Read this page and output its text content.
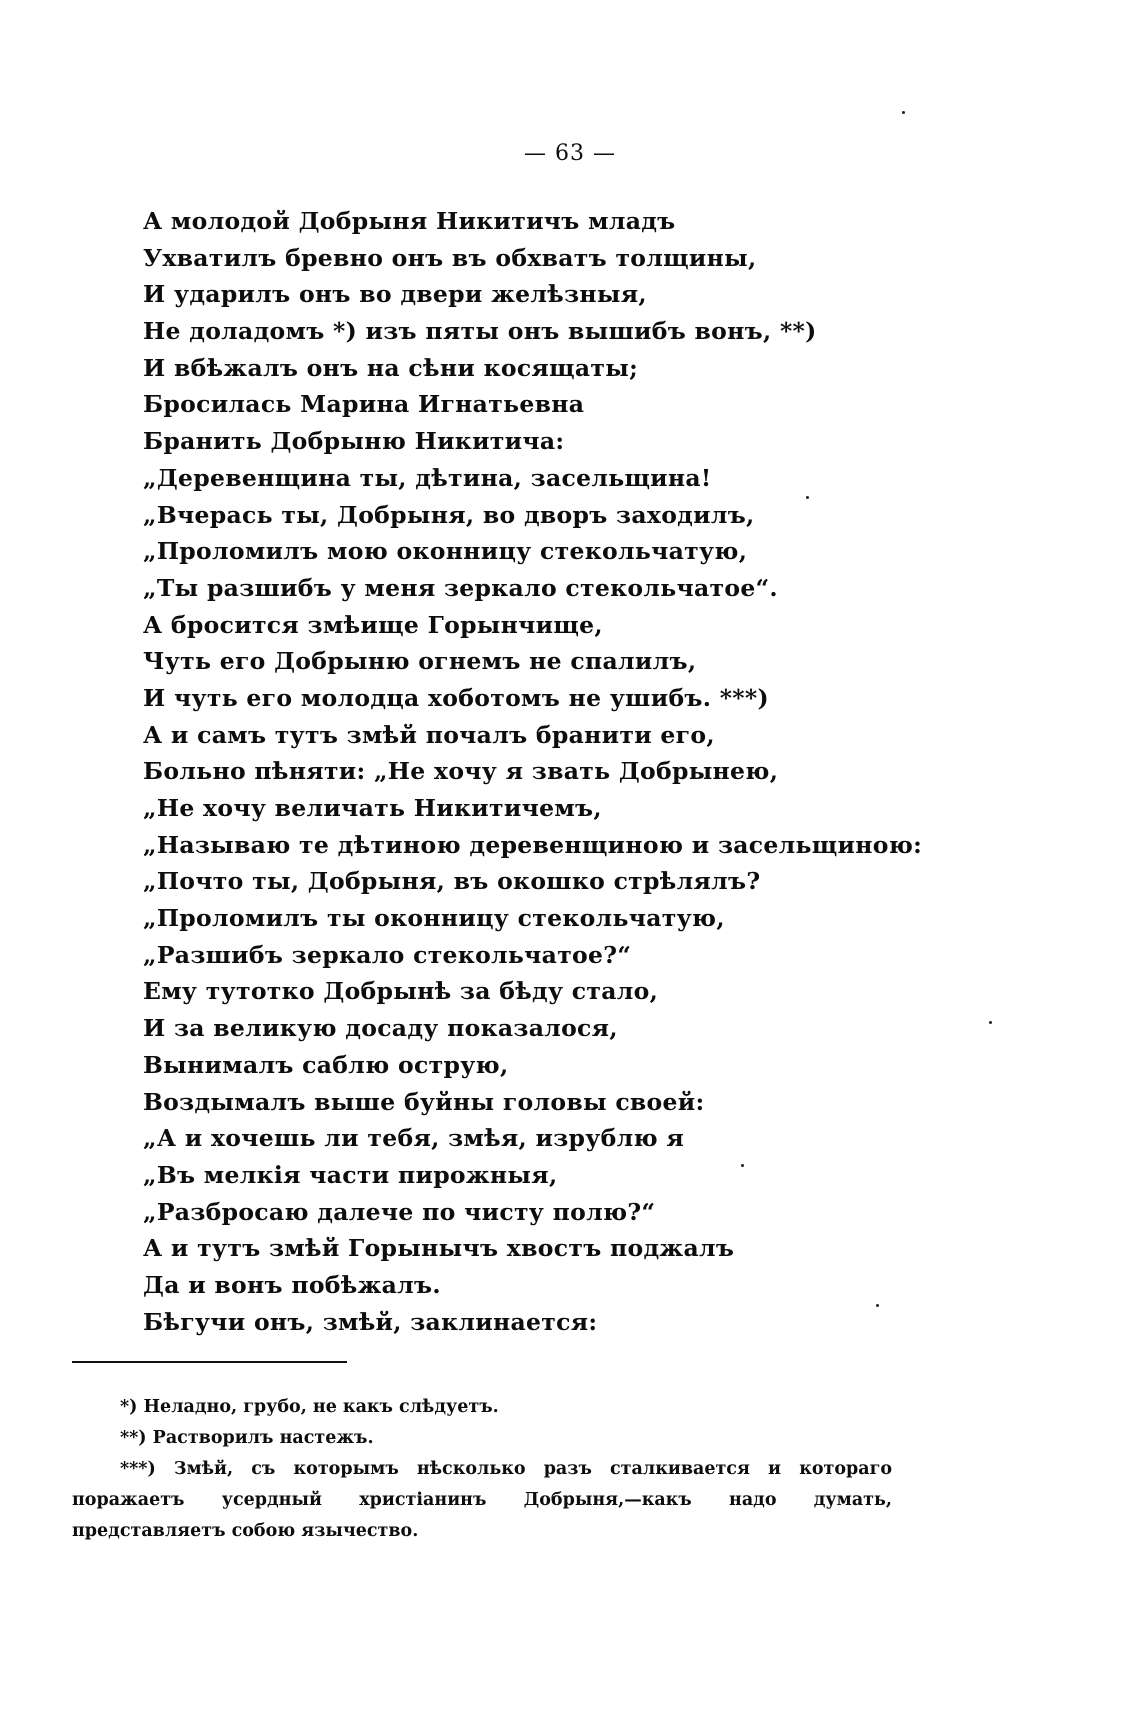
— 63 —

А молодой Добрыня Никитичъ младъ
Ухватилъ бревно онъ въ обхватъ толщины,
И ударилъ онъ во двери желѣзныя,
Не доладомъ *) изъ пяты онъ вышибъ вонъ, **)
И вбѣжалъ онъ на сѣни косящаты;
Бросилась Марина Игнатьевна
Бранить Добрыню Никитича:
„Деревенщина ты, дѣтина, засельщина!
„Вчерась ты, Добрыня, во дворъ заходилъ,
„Проломилъ мою оконницу стекольчатую,
„Ты разшибъ у меня зеркало стекольчатое“.
А бросится змѣище Горынчище,
Чуть его Добрыню огнемъ не спалилъ,
И чуть его молодца хоботомъ не ушибъ. ***)
А и самъ тутъ змѣй почалъ бранити его,
Больно пѣняти: „Не хочу я звать Добрынею,
„Не хочу величать Никитичемъ,
„Называю те дѣтиною деревенщиною и засельщиною:
„Почто ты, Добрыня, въ окошко стрѣлялъ?
„Проломилъ ты оконницу стекольчатую,
„Разшибъ зеркало стекольчатое?“
Ему тутотко Добрынѣ за бѣду стало,
И за великую досаду показалося,
Вынималъ саблю острую,
Воздымалъ выше буйны головы своей:
„А и хочешь ли тебя, змѣя, изрублю я
„Въ мелкія части пирожныя,
„Разбросаю далече по чисту полю?“
А и тутъ змѣй Горынычъ хвостъ поджалъ
Да и вонъ побѣжалъ.
Бѣгучи онъ, змѣй, заклинается:
*) Неладно, грубо, не какъ слѣдуетъ.
**) Растворилъ настежъ.
***) Змѣй, съ которымъ нѣсколько разъ сталкивается и котораго поражаетъ усердный христіанинъ Добрыня,—какъ надо думать, представляетъ собою язычество.
